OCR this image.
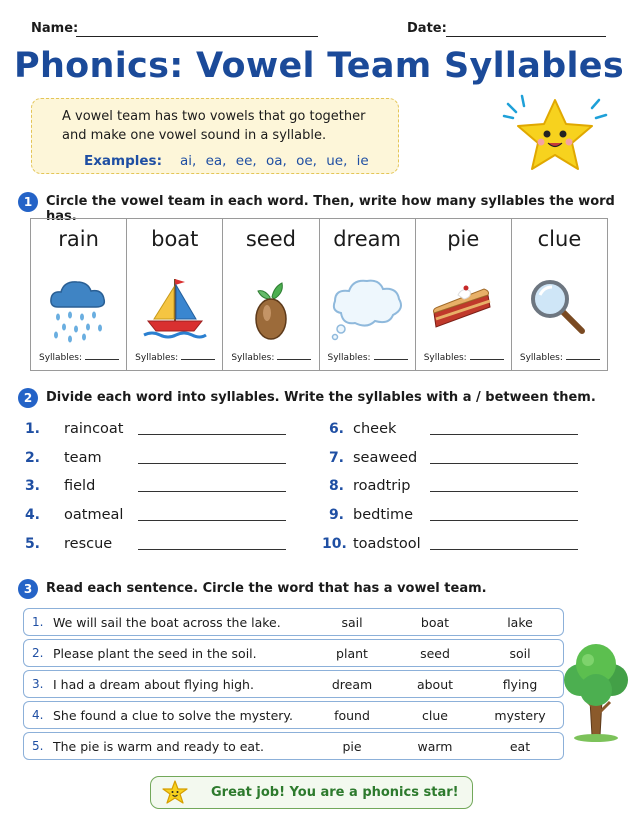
Name:	Date:
Phonics: Vowel Team Syllables
A vowel team has two vowels that go together
and make one vowel sound in a syllable.
Examples: ai, ea, ee, oa, oe, ue, ie
1	Circle the vowel team in each word. Then, write how many syllables the word has.
rain
Syllables:
boat
Syllables:
seed
Syllables:
dream
Syllables:
pie
Syllables:
clue
Syllables:
2	Divide each word into syllables. Write the syllables with a / between them.
1. raincoat
2. team
3. field
4. oatmeal
5. rescue
6. cheek
7. seaweed
8. roadtrip
9. bedtime
10. toadstool
3	Read each sentence. Circle the word that has a vowel team.
1. We will sail the boat across the lake.	sail	boat	lake
2. Please plant the seed in the soil.	plant	seed	soil
3. I had a dream about flying high.	dream	about	flying
4. She found a clue to solve the mystery.	found	clue	mystery
5. The pie is warm and ready to eat.	pie	warm	eat
Great job! You are a phonics star!
